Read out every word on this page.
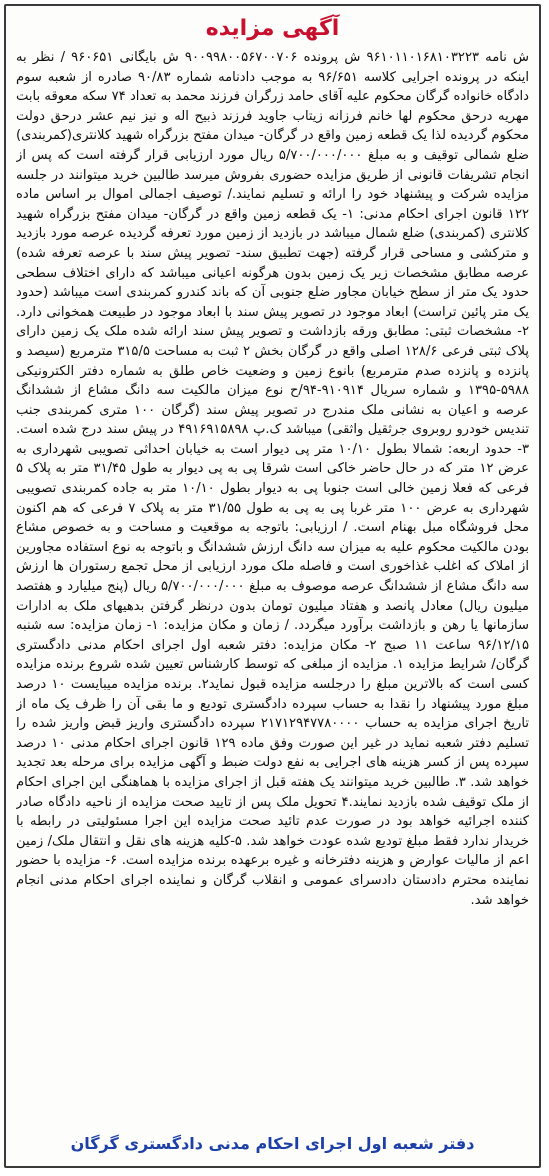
آگهی مزایده
ش نامه ۹۶۱۰۱۱۰۱۶۸۱۰۳۲۲۳ ش پرونده ۹۰۰۹۹۸۰۰۵۶۷۰۰۷۰۶ ش بایگانی ۹۶۰۶۵۱ / نظر به اینکه در پرونده اجرایی کلاسه ۹۶/۶۵۱ به موجب دادنامه شماره ۹۰/۸۳ صادره از شعبه سوم دادگاه خانواده گرگان محکوم علیه آقای حامد زرگران فرزند محمد به تعداد ۷۴ سکه معوقه بابت مهریه درحق محکوم لها خانم فرزانه زیتاب جاوید فرزند ذبیح اله و نیز نیم عشر درحق دولت محکوم گردیده لذا یک قطعه زمین واقع در گرگان- میدان مفتح بزرگراه شهید کلانتری(کمربندی) ضلع شمالی توقیف و به مبلغ ۵/۷۰۰/۰۰۰/۰۰۰ ریال مورد ارزیابی قرار گرفته است که پس از انجام تشریفات قانونی از طریق مزایده حضوری بفروش میرسد طالبین خرید میتوانند در جلسه مزایده شرکت و پیشنهاد خود را ارائه و تسلیم نمایند./ توصیف اجمالی اموال بر اساس ماده ۱۲۲ قانون اجرای احکام مدنی: ۱- یک قطعه زمین واقع در گرگان- میدان مفتح بزرگراه شهید کلانتری (کمربندی) ضلع شمال میباشد در بازدید از زمین مورد تعرفه گردیده عرصه مورد بازدید و مترکشی و مساحی قرار گرفته (جهت تطبیق سند- تصویر پیش سند با عرصه تعرفه شده) عرصه مطابق مشخصات زیر یک زمین بدون هرگونه اعیانی میباشد که دارای اختلاف سطحی حدود یک متر از سطح خیابان مجاور ضلع جنوبی آن که باند کندرو کمربندی است میباشد (حدود یک متر پائین تراست) ابعاد موجود در تصویر پیش سند با ابعاد موجود در طبیعت همخوانی دارد. ۲- مشخصات ثبتی: مطابق ورقه بازداشت و تصویر پیش سند ارائه شده ملک یک زمین دارای پلاک ثبتی فرعی ۱۲۸/۶ اصلی واقع در گرگان بخش ۲ ثبت به مساحت ۳۱۵/۵ مترمربع (سیصد و پانزده و پانزده صدم مترمربع) بانوع زمین و وضعیت خاص طلق به شماره دفتر الکترونیکی ۵۹۸۸-۱۳۹۵ و شماره سریال ۹۱۰۹۱۴-۹۴/ح نوع میزان مالکیت سه دانگ مشاع از ششدانگ عرصه و اعیان به نشانی ملک مندرج در تصویر پیش سند (گرگان ۱۰۰ متری کمربندی جنب تندیس خودرو روبروی جرثقیل واثقی) میباشد ک.پ ۴۹۱۶۹۱۵۸۹۸ در پیش سند درج شده است. ۳- حدود اربعه: شمالا بطول ۱۰/۱۰ متر پی دیوار است به خیابان احداثی تصویبی شهرداری به عرض ۱۲ متر که در حال حاضر خاکی است شرقا پی به پی دیوار به طول ۳۱/۴۵ متر به پلاک ۵ فرعی که فعلا زمین خالی است جنوبا پی به دیوار بطول ۱۰/۱۰ متر به جاده کمربندی تصویبی شهرداری به عرض ۱۰۰ متر غربا پی به پی به طول ۳۱/۵۵ متر به پلاک ۷ فرعی که هم اکنون محل فروشگاه مبل بهنام است. / ارزیابی: باتوجه به موقعیت و مساحت و به خصوص مشاع بودن مالکیت محکوم علیه به میزان سه دانگ ارزش ششدانگ و باتوجه به نوع استفاده مجاورین از املاک که اغلب غذاخوری است و فاصله ملک مورد ارزیابی از محل تجمع رستوران ها ارزش سه دانگ مشاع از ششدانگ عرصه موصوف به مبلغ ۵/۷۰۰/۰۰۰/۰۰۰ ریال (پنج میلیارد و هفتصد میلیون ریال) معادل پانصد و هفتاد میلیون تومان بدون درنظر گرفتن بدهیهای ملک به ادارات سازمانها یا رهن و بازداشت برآورد میگردد. / زمان و مکان مزایده: ۱- زمان مزایده: سه شنبه ۹۶/۱۲/۱۵ ساعت ۱۱ صبح ۲- مکان مزایده: دفتر شعبه اول اجرای احکام مدنی دادگستری گرگان/ شرایط مزایده ۱. مزایده از مبلغی که توسط کارشناس تعیین شده شروع برنده مزایده کسی است که بالاترین مبلغ را درجلسه مزایده قبول نماید۲. برنده مزایده میبایست ۱۰ درصد مبلغ مورد پیشنهاد را نقدا به حساب سپرده دادگستری تودیع و ما بقی آن را ظرف یک ماه از تاریخ اجرای مزایده به حساب ۲۱۷۱۲۹۴۷۷۸۰۰۰۰ سپرده دادگستری واریز قبض واریز شده را تسلیم دفتر شعبه نماید در غیر این صورت وفق ماده ۱۲۹ قانون اجرای احکام مدنی ۱۰ درصد سپرده پس از کسر هزینه های اجرایی به نفع دولت ضبط و آگهی مزایده برای مرحله بعد تجدید خواهد شد. ۳. طالبین خرید میتوانند یک هفته قبل از اجرای مزایده با هماهنگی این اجرای احکام از ملک توقیف شده بازدید نمایند.۴ تحویل ملک پس از تایید صحت مزایده از ناحیه دادگاه صادر کننده اجرائیه خواهد بود در صورت عدم تائید صحت مزایده این اجرا مسئولیتی در رابطه با خریدار ندارد فقط مبلغ تودیع شده عودت خواهد شد. ۵-کلیه هزینه های نقل و انتقال ملک/ زمین اعم از مالیات عوارض و هزینه دفترخانه و غیره برعهده برنده مزایده است. ۶- مزایده با حضور نماینده محترم دادستان دادسرای عمومی و انقلاب گرگان و نماینده اجرای احکام مدنی انجام خواهد شد.
دفتر شعبه اول اجرای احکام مدنی دادگستری گرگان
